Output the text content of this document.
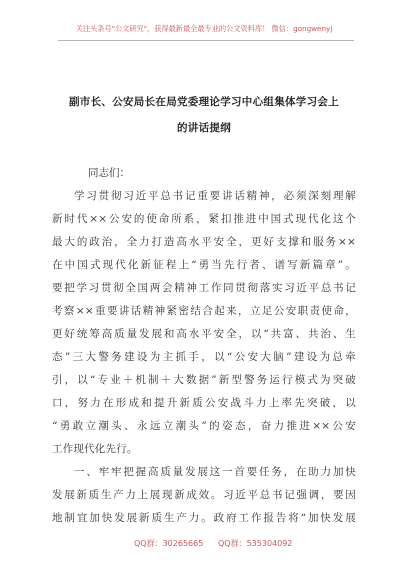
关注头条号"公文研究"，获得最新最全最专业的公文资料库！ 微信：gongwenyj
副市长、公安局长在局党委理论学习中心组集体学习会上
的讲话提纲
同志们：
学习贯彻习近平总书记重要讲话精神，必须深刻理解
新时代××公安的使命所系，紧扣推进中国式现代化这个
最大的政治，全力打造高水平安全，更好支撑和服务××
在中国式现代化新征程上“勇当先行者、谱写新篇章”。
要把学习贯彻全国两会精神工作同贯彻落实习近平总书记
考察××重要讲话精神紧密结合起来，立足公安职责使命，
更好统筹高质量发展和高水平安全，以“共富、共治、生
态”三大警务建设为主抓手，以“公安大脑”建设为总牵
引，以“专业＋机制＋大数据”新型警务运行模式为突破
口，努力在形成和提升新质公安战斗力上率先突破，以
“勇敢立潮头、永远立潮头”的姿态，奋力推进××公安
工作现代化先行。
一、牢牢把握高质量发展这一首要任务，在助力加快
发展新质生产力上展现新成效。习近平总书记强调，要因
地制宜加快发展新质生产力。政府工作报告将“加快发展
QQ群：30265665 QQ群：535304092
